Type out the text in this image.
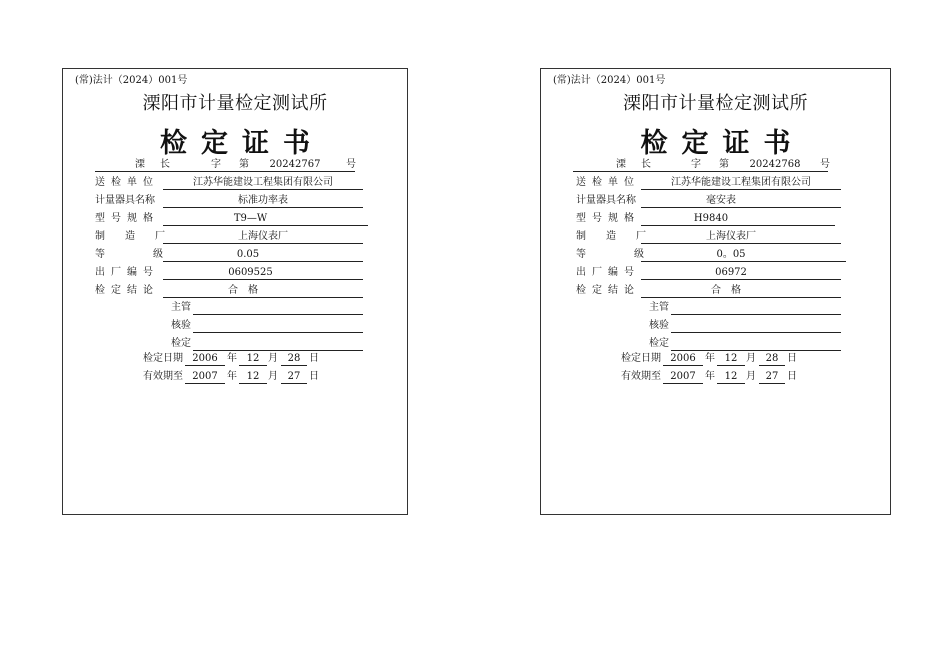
(常)法计（2024）001号
溧阳市计量检定测试所
检定证书
溧 长	字 第	20242767	号
送检单位	江苏华能建设工程集团有限公司
计量器具名称	标准功率表
型号规格	T9—W
制造厂	上海仪表厂
等级	0.05
出厂编号	0609525
检定结论	合格
主管
核验
检定
检定日期 2006 年 12 月 28 日
有效期至 2007 年 12 月 27 日
(常)法计（2024）001号
溧阳市计量检定测试所
检定证书
溧 长	字 第	20242768	号
送检单位	江苏华能建设工程集团有限公司
计量器具名称	毫安表
型号规格	H9840
制造厂	上海仪表厂
等级	0。05
出厂编号	06972
检定结论	合格
主管
核验
检定
检定日期 2006 年 12 月 28 日
有效期至 2007 年 12 月 27 日
